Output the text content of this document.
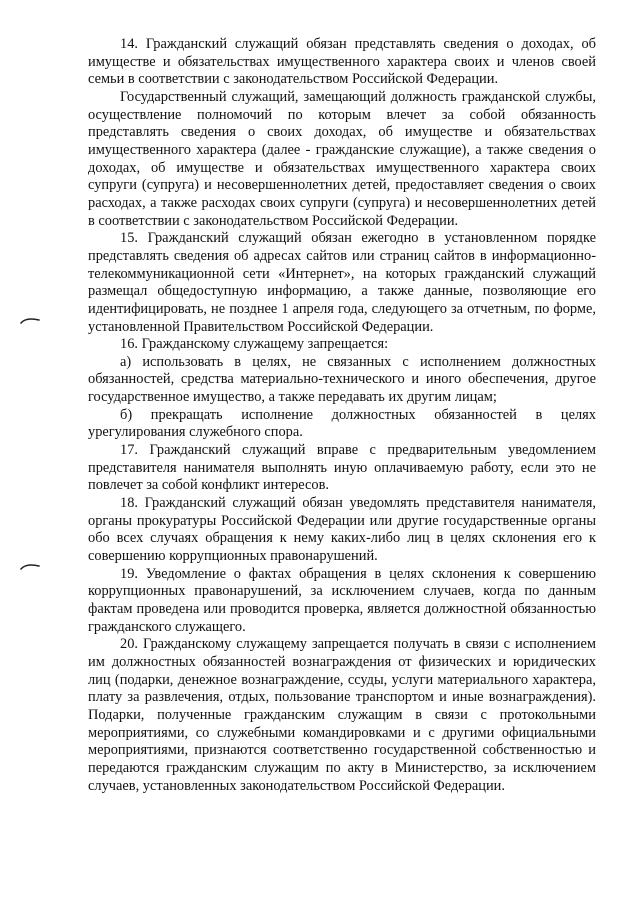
14. Гражданский служащий обязан представлять сведения о доходах, об имуществе и обязательствах имущественного характера своих и членов своей семьи в соответствии с законодательством Российской Федерации.

Государственный служащий, замещающий должность гражданской службы, осуществление полномочий по которым влечет за собой обязанность представлять сведения о своих доходах, об имуществе и обязательствах имущественного характера (далее - гражданские служащие), а также сведения о доходах, об имуществе и обязательствах имущественного характера своих супруги (супруга) и несовершеннолетних детей, предоставляет сведения о своих расходах, а также расходах своих супруги (супруга) и несовершеннолетних детей в соответствии с законодательством Российской Федерации.

15. Гражданский служащий обязан ежегодно в установленном порядке представлять сведения об адресах сайтов или страниц сайтов в информационно-телекоммуникационной сети «Интернет», на которых гражданский служащий размещал общедоступную информацию, а также данные, позволяющие его идентифицировать, не позднее 1 апреля года, следующего за отчетным, по форме, установленной Правительством Российской Федерации.

16. Гражданскому служащему запрещается:

а) использовать в целях, не связанных с исполнением должностных обязанностей, средства материально-технического и иного обеспечения, другое государственное имущество, а также передавать их другим лицам;

б) прекращать исполнение должностных обязанностей в целях урегулирования служебного спора.

17. Гражданский служащий вправе с предварительным уведомлением представителя нанимателя выполнять иную оплачиваемую работу, если это не повлечет за собой конфликт интересов.

18. Гражданский служащий обязан уведомлять представителя нанимателя, органы прокуратуры Российской Федерации или другие государственные органы обо всех случаях обращения к нему каких-либо лиц в целях склонения его к совершению коррупционных правонарушений.

19. Уведомление о фактах обращения в целях склонения к совершению коррупционных правонарушений, за исключением случаев, когда по данным фактам проведена или проводится проверка, является должностной обязанностью гражданского служащего.

20. Гражданскому служащему запрещается получать в связи с исполнением им должностных обязанностей вознаграждения от физических и юридических лиц (подарки, денежное вознаграждение, ссуды, услуги материального характера, плату за развлечения, отдых, пользование транспортом и иные вознаграждения). Подарки, полученные гражданским служащим в связи с протокольными мероприятиями, со служебными командировками и с другими официальными мероприятиями, признаются соответственно государственной собственностью и передаются гражданским служащим по акту в Министерство, за исключением случаев, установленных законодательством Российской Федерации.
